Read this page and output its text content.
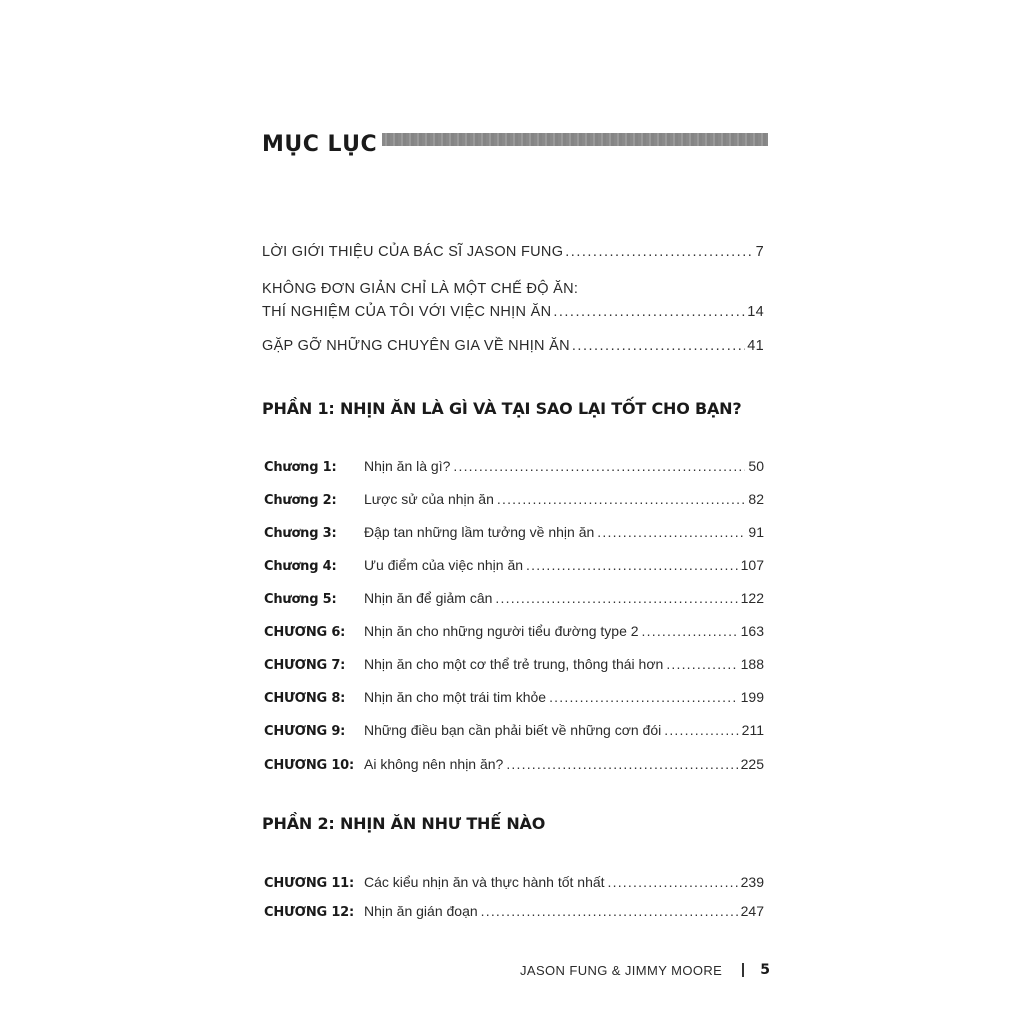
MỤC LỤC
LỜI GIỚI THIỆU CỦA BÁC SĨ JASON FUNG .....	7
KHÔNG ĐƠN GIẢN CHỈ LÀ MỘT CHẾ ĐỘ ĂN:
THÍ NGHIỆM CỦA TÔI VỚI VIỆC NHỊN ĂN .....	14
GẶP GỠ NHỮNG CHUYÊN GIA VỀ NHỊN ĂN .....	41
PHẦN 1: NHỊN ĂN LÀ GÌ VÀ TẠI SAO LẠI TỐT CHO BẠN?
Chương 1:	Nhịn ăn là gì? .....	50
Chương 2:	Lược sử của nhịn ăn .....	82
Chương 3:	Đập tan những lầm tưởng về nhịn ăn .....	91
Chương 4:	Ưu điểm của việc nhịn ăn .....	107
Chương 5:	Nhịn ăn để giảm cân .....	122
CHƯƠNG 6:	Nhịn ăn cho những người tiểu đường type 2 .....	163
CHƯƠNG 7:	Nhịn ăn cho một cơ thể trẻ trung, thông thái hơn .....	188
CHƯƠNG 8:	Nhịn ăn cho một trái tim khỏe .....	199
CHƯƠNG 9:	Những điều bạn cần phải biết về những cơn đói .....	211
CHƯƠNG 10: Ai không nên nhịn ăn? .....	225
PHẦN 2: NHỊN ĂN NHƯ THẾ NÀO
CHƯƠNG 11: Các kiểu nhịn ăn và thực hành tốt nhất .....	239
CHƯƠNG 12: Nhịn ăn gián đoạn .....	247
JASON FUNG & JIMMY MOORE	5
